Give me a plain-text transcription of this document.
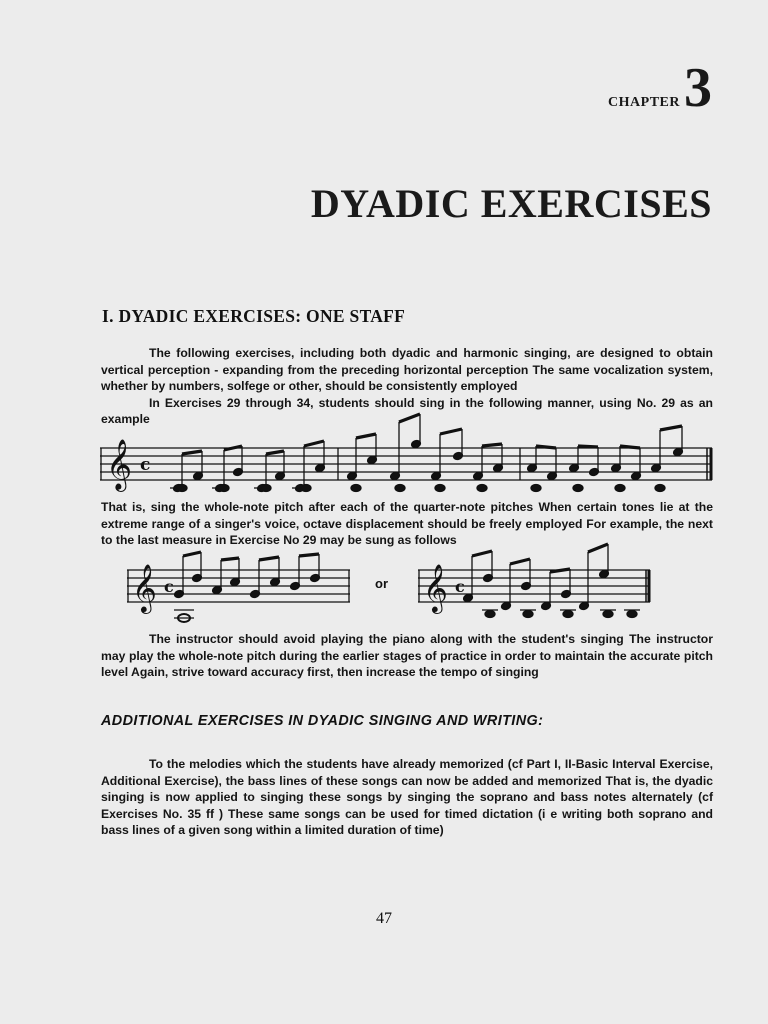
CHAPTER 3
DYADIC EXERCISES
I. DYADIC EXERCISES: ONE STAFF
The following exercises, including both dyadic and harmonic singing, are designed to obtain vertical perception - expanding from the preceding horizontal perception The same vocalization system, whether by numbers, solfege or other, should be consistently employed
In Exercises 29 through 34, students should sing in the following manner, using No. 29 as an example
𝄞 c
That is, sing the whole-note pitch after each of the quarter-note pitches When certain tones lie at the extreme range of a singer's voice, octave displacement should be freely employed For example, the next to the last measure in Exercise No 29 may be sung as follows
𝄞 c	or 𝄞 c
The instructor should avoid playing the piano along with the student's singing The instructor may play the whole-note pitch during the earlier stages of practice in order to maintain the accurate pitch level Again, strive toward accuracy first, then increase the tempo of singing
ADDITIONAL EXERCISES IN DYADIC SINGING AND WRITING:
To the melodies which the students have already memorized (cf Part I, II-Basic Interval Exercise, Additional Exercise), the bass lines of these songs can now be added and memorized That is, the dyadic singing is now applied to singing these songs by singing the soprano and bass notes alternately (cf Exercises No. 35 ff ) These same songs can be used for timed dictation (i e writing both soprano and bass lines of a given song within a limited duration of time)
47
